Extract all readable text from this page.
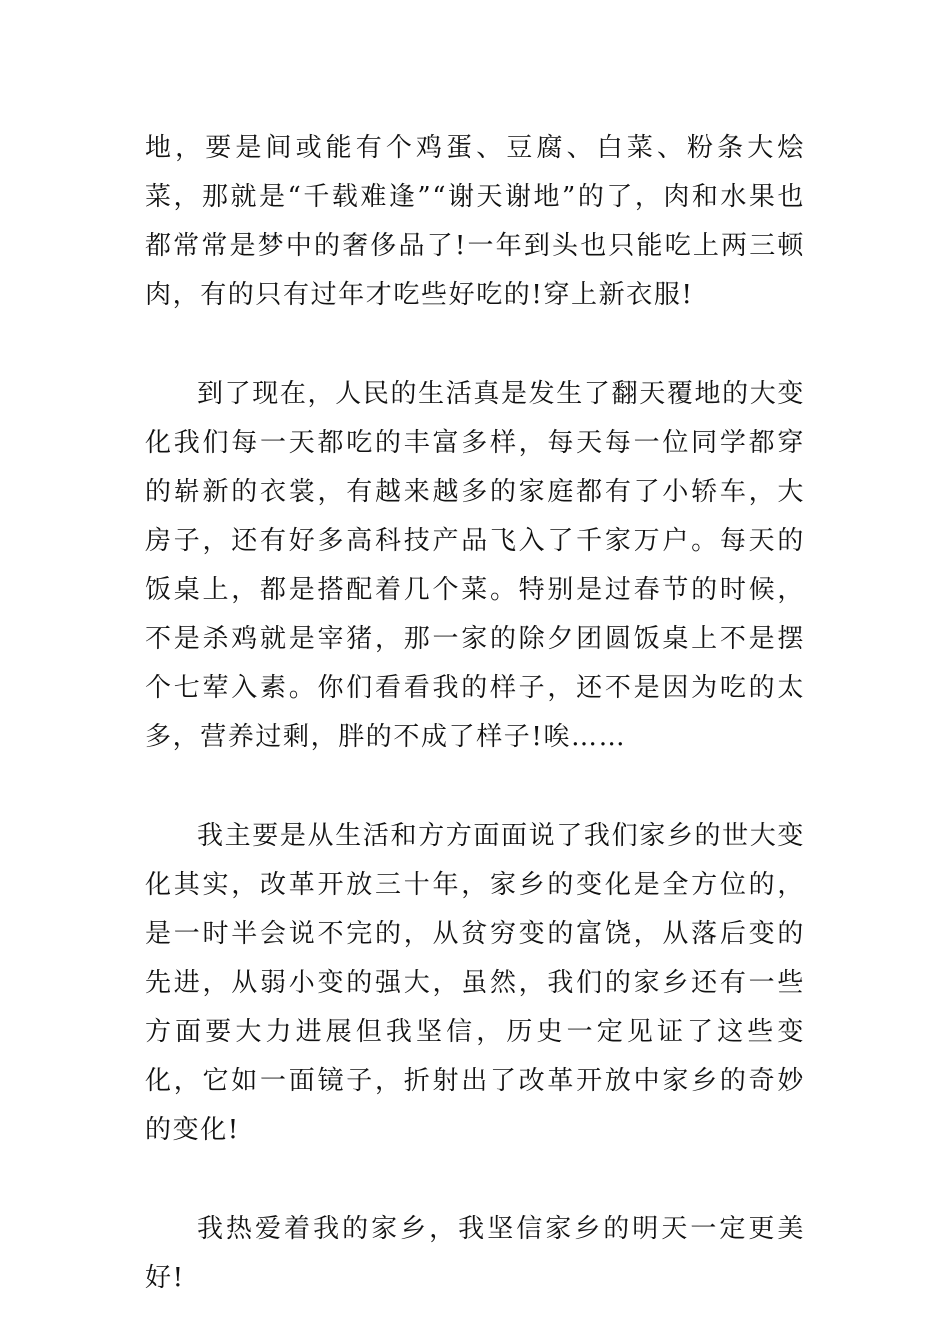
地，要是间或能有个鸡蛋、豆腐、白菜、粉条大烩菜，那就是“千载难逢”“谢天谢地”的了，肉和水果也都常常是梦中的奢侈品了!一年到头也只能吃上两三顿肉，有的只有过年才吃些好吃的!穿上新衣服!

到了现在，人民的生活真是发生了翻天覆地的大变化我们每一天都吃的丰富多样，每天每一位同学都穿的崭新的衣裳，有越来越多的家庭都有了小轿车，大房子，还有好多高科技产品飞入了千家万户。每天的饭桌上，都是搭配着几个菜。特别是过春节的时候，不是杀鸡就是宰猪，那一家的除夕团圆饭桌上不是摆个七荤入素。你们看看我的样子，还不是因为吃的太多，营养过剩，胖的不成了样子!唉……

我主要是从生活和方方面面说了我们家乡的世大变化其实，改革开放三十年，家乡的变化是全方位的，是一时半会说不完的，从贫穷变的富饶，从落后变的先进，从弱小变的强大，虽然，我们的家乡还有一些方面要大力进展但我坚信，历史一定见证了这些变化，它如一面镜子，折射出了改革开放中家乡的奇妙的变化!

我热爱着我的家乡，我坚信家乡的明天一定更美好!
